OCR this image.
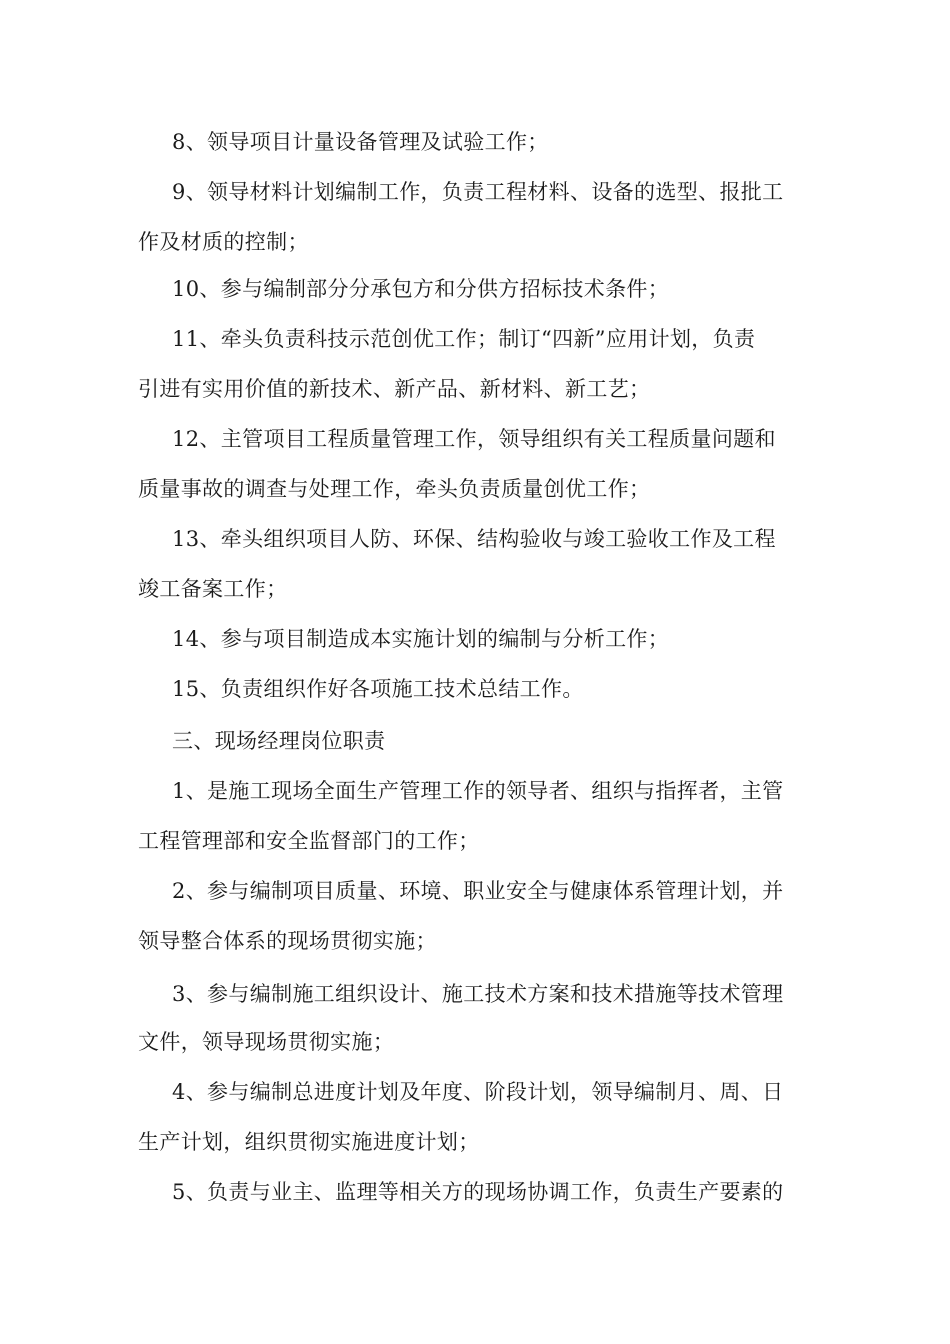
8、领导项目计量设备管理及试验工作；
9、领导材料计划编制工作，负责工程材料、设备的选型、报批工
作及材质的控制；
10、参与编制部分分承包方和分供方招标技术条件；
11、牵头负责科技示范创优工作；制订“四新”应用计划，负责
引进有实用价值的新技术、新产品、新材料、新工艺；
12、主管项目工程质量管理工作，领导组织有关工程质量问题和
质量事故的调查与处理工作，牵头负责质量创优工作；
13、牵头组织项目人防、环保、结构验收与竣工验收工作及工程
竣工备案工作；
14、参与项目制造成本实施计划的编制与分析工作；
15、负责组织作好各项施工技术总结工作。
三、现场经理岗位职责
1、是施工现场全面生产管理工作的领导者、组织与指挥者，主管
工程管理部和安全监督部门的工作；
2、参与编制项目质量、环境、职业安全与健康体系管理计划，并
领导整合体系的现场贯彻实施；
3、参与编制施工组织设计、施工技术方案和技术措施等技术管理
文件，领导现场贯彻实施；
4、参与编制总进度计划及年度、阶段计划，领导编制月、周、日
生产计划，组织贯彻实施进度计划；
5、负责与业主、监理等相关方的现场协调工作，负责生产要素的
